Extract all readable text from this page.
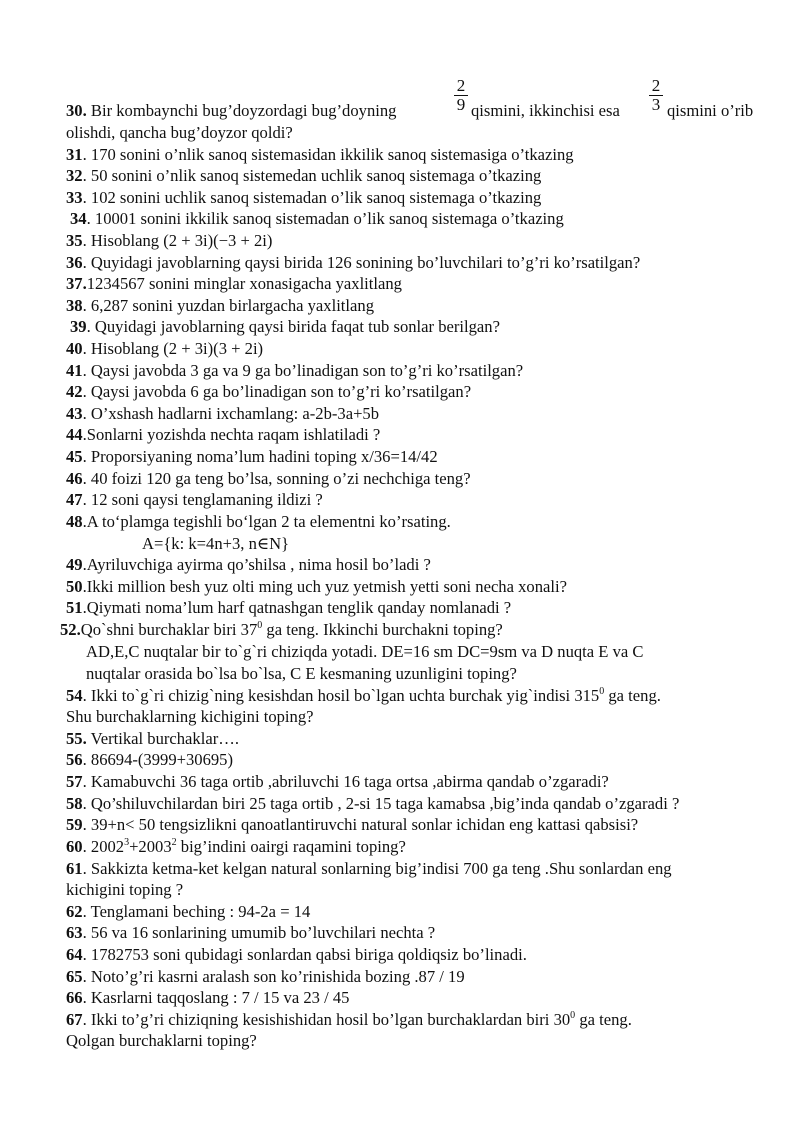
$\frac{2}{9}$	$\frac{2}{3}$
30. Bir kombaynchi bug’doyzordagi bug’doyning	qismini, ikkinchisi esa	qismini o’rib
olishdi, qancha bug’doyzor qoldi?
31. 170 sonini o’nlik sanoq sistemasidan ikkilik sanoq sistemasiga o’tkazing
32. 50 sonini o’nlik sanoq sistemedan uchlik sanoq sistemaga o’tkazing
33. 102 sonini uchlik sanoq sistemadan o’lik sanoq sistemaga o’tkazing
34. 10001 sonini ikkilik sanoq sistemadan o’lik sanoq sistemaga o’tkazing
35. Hisoblang (2 + 3i)(−3 + 2i)
36. Quyidagi javoblarning qaysi birida 126 sonining bo’luvchilari to’g’ri ko’rsatilgan?
37.1234567 sonini minglar xonasigacha yaxlitlang
38. 6,287 sonini yuzdan birlargacha yaxlitlang
39. Quyidagi javoblarning qaysi birida faqat tub sonlar berilgan?
40. Hisoblang (2 + 3i)(3 + 2i)
41. Qaysi javobda 3 ga va 9 ga bo’linadigan son to’g’ri ko’rsatilgan?
42. Qaysi javobda 6 ga bo’linadigan son to’g’ri ko’rsatilgan?
43. O’xshash hadlarni ixchamlang: a-2b-3a+5b
44.Sonlarni yozishda nechta raqam ishlatiladi ?
45. Proporsiyaning noma’lum hadini toping x/36=14/42
46. 40 foizi 120 ga teng bo’lsa, sonning o’zi nechchiga teng?
47. 12 soni qaysi tenglamaning ildizi ?
48.A to‘plamga tegishli bo‘lgan 2 ta elementni ko’rsating.
A={k: k=4n+3, n∈N}
49.Ayriluvchiga ayirma qo’shilsa , nima hosil bo’ladi ?
50.Ikki million besh yuz olti ming uch yuz yetmish yetti soni necha xonali?
51.Qiymati noma’lum harf qatnashgan tenglik qanday nomlanadi ?
52.Qo`shni burchaklar biri $37^0$ ga teng. Ikkinchi burchakni toping?
AD,E,C nuqtalar bir to`g`ri chiziqda yotadi. DE=16 sm DC=9sm va D nuqta E va C
nuqtalar orasida bo`lsa bo`lsa, C E kesmaning uzunligini toping?
54. Ikki to`g`ri chizig`ning kesishdan hosil bo`lgan uchta burchak yig`indisi $315^0$ ga teng.
Shu burchaklarning kichigini toping?
55. Vertikal burchaklar….
56. 86694-(3999+30695)
57. Kamabuvchi 36 taga ortib ,abriluvchi 16 taga ortsa ,abirma qandab o’zgaradi?
58. Qo’shiluvchilardan biri 25 taga ortib , 2-si 15 taga kamabsa ,big’inda qandab o’zgaradi ?
59. 39+n< 50 tengsizlikni qanoatlantiruvchi natural sonlar ichidan eng kattasi qabsisi?
60. $2002^3+2003^2$ big’indini oairgi raqamini toping?
61. Sakkizta ketma-ket kelgan natural sonlarning big’indisi 700 ga teng .Shu sonlardan eng
kichigini toping ?
62. Tenglamani beching : 94-2a = 14
63. 56 va 16 sonlarining umumib bo’luvchilari nechta ?
64. 1782753 soni qubidagi sonlardan qabsi biriga qoldiqsiz bo’linadi.
65. Noto’g’ri kasrni aralash son ko’rinishida bozing .87 / 19
66. Kasrlarni taqqoslang : 7 / 15 va 23 / 45
67. Ikki to’g’ri chiziqning kesishishidan hosil bo’lgan burchaklardan biri $30^0$ ga teng.
Qolgan burchaklarni toping?
